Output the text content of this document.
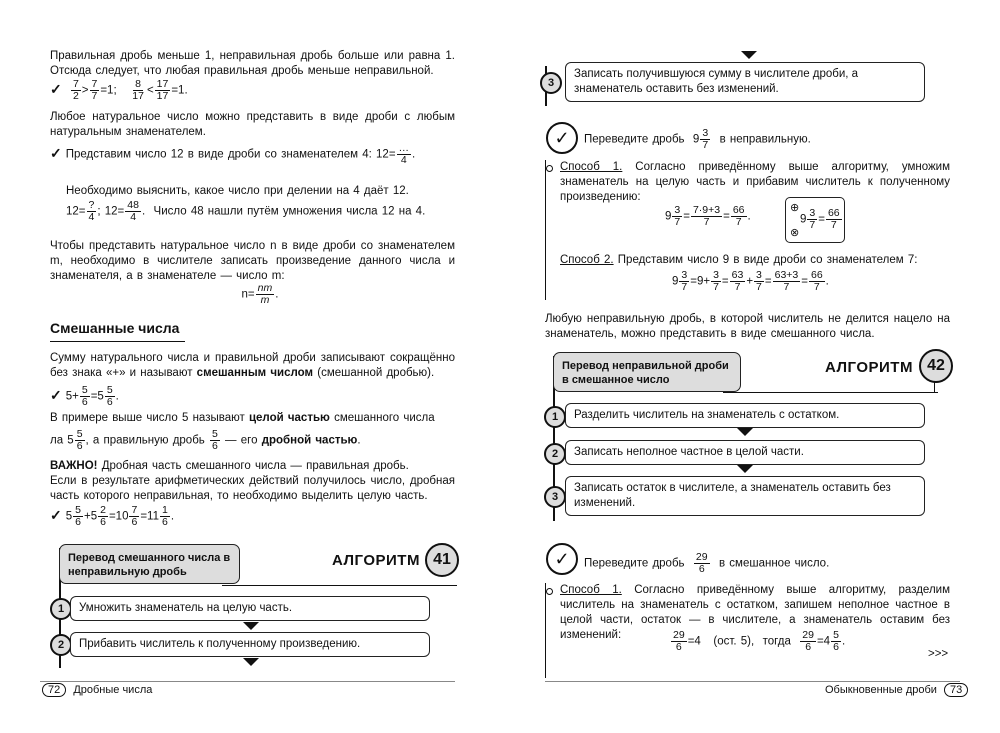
Правильная дробь меньше 1, неправильная дробь больше или равна 1. Отсюда следует, что любая правильная дробь меньше неправильной.
✓ $\frac{7}{2} > \frac{7}{7} =1$; $\frac{8}{17} < \frac{17}{17} =1$.
Любое натуральное число можно представить в виде дроби с любым натуральным знаменателем.
✓ Представим число 12 в виде дроби со знаменателем 4: $12= \frac{\dots}{4}$ .
Необходимо выяснить, какое число при делении на 4 даёт 12.
$12= \frac{?}{4}$ ; $12= \frac{48}{4}$ .  Число 48 нашли путём умножения числа 12 на 4.
Чтобы представить натуральное число n в виде дроби со знаменателем m, необходимо в числителе записать произведение данного числа и знаменателя, а в знаменателе — число m:
$n= \frac{nm}{m}$ .
Смешанные числа
Сумму натурального числа и правильной дроби записывают сокращённо без знака «+» и называют смешанным числом (смешанной дробью).
✓ $5+ \frac{5}{6} =5 \frac{5}{6}$ .
В примере выше число 5 называют целой частью смешанного числа
ла $5 \frac{5}{6}$ , а правильную дробь $\frac{5}{6}$ — его дробной частью.
ВАЖНО! Дробная часть смешанного числа — правильная дробь.
Если в результате арифметических действий получилось число, дробная часть которого неправильная, то необходимо выделить целую часть.
✓ $5 \frac{5}{6} +5 \frac{2}{6} =10 \frac{7}{6} =11 \frac{1}{6}$ .
Перевод смешанного числа в неправильную дробь
АЛГОРИТМ 41
1	Умножить знаменатель на целую часть.
2	Прибавить числитель к полученному произведению.
72 Дробные числа
3
Записать получившуюся сумму в числителе дроби, а знаменатель оставить без изменений.
✓	Переведите дробь  $9 \frac{3}{7}$ в неправильную.
Способ 1. Согласно приведённому выше алгоритму, умножим знаменатель на целую часть и прибавим числитель к полученному произведению:
$9 \frac{3}{7} = \frac{7\cdot 9+3}{7} = \frac{66}{7}$ .
⊕
⊗
$9 \frac{3}{7} = \frac{66}{7}$
Способ 2. Представим число 9 в виде дроби со знаменателем 7:
$9 \frac{3}{7} =9+ \frac{3}{7} = \frac{63}{7} + \frac{3}{7} = \frac{63+3}{7} = \frac{66}{7}$ .
Любую неправильную дробь, в которой числитель не делится нацело на знаменатель, можно представить в виде смешанного числа.
Перевод неправильной дроби в смешанное число
АЛГОРИТМ 42
1	Разделить числитель на знаменатель с остатком.
2	Записать неполное частное в целой части.
3
Записать остаток в числителе, а знаменатель оставить без изменений.
✓	Переведите дробь $\frac{29}{6}$ в смешанное число.
Способ 1. Согласно приведённому выше алгоритму, разделим числитель на знаменатель с остатком, запишем неполное частное в целой части, остаток — в числителе, а знаменатель оставим без изменений:	$\frac{29}{6} =4$   (ост. 5), тогда $\frac{29}{6} =4 \frac{5}{6}$ .
>>>
Обыкновенные дроби 73
